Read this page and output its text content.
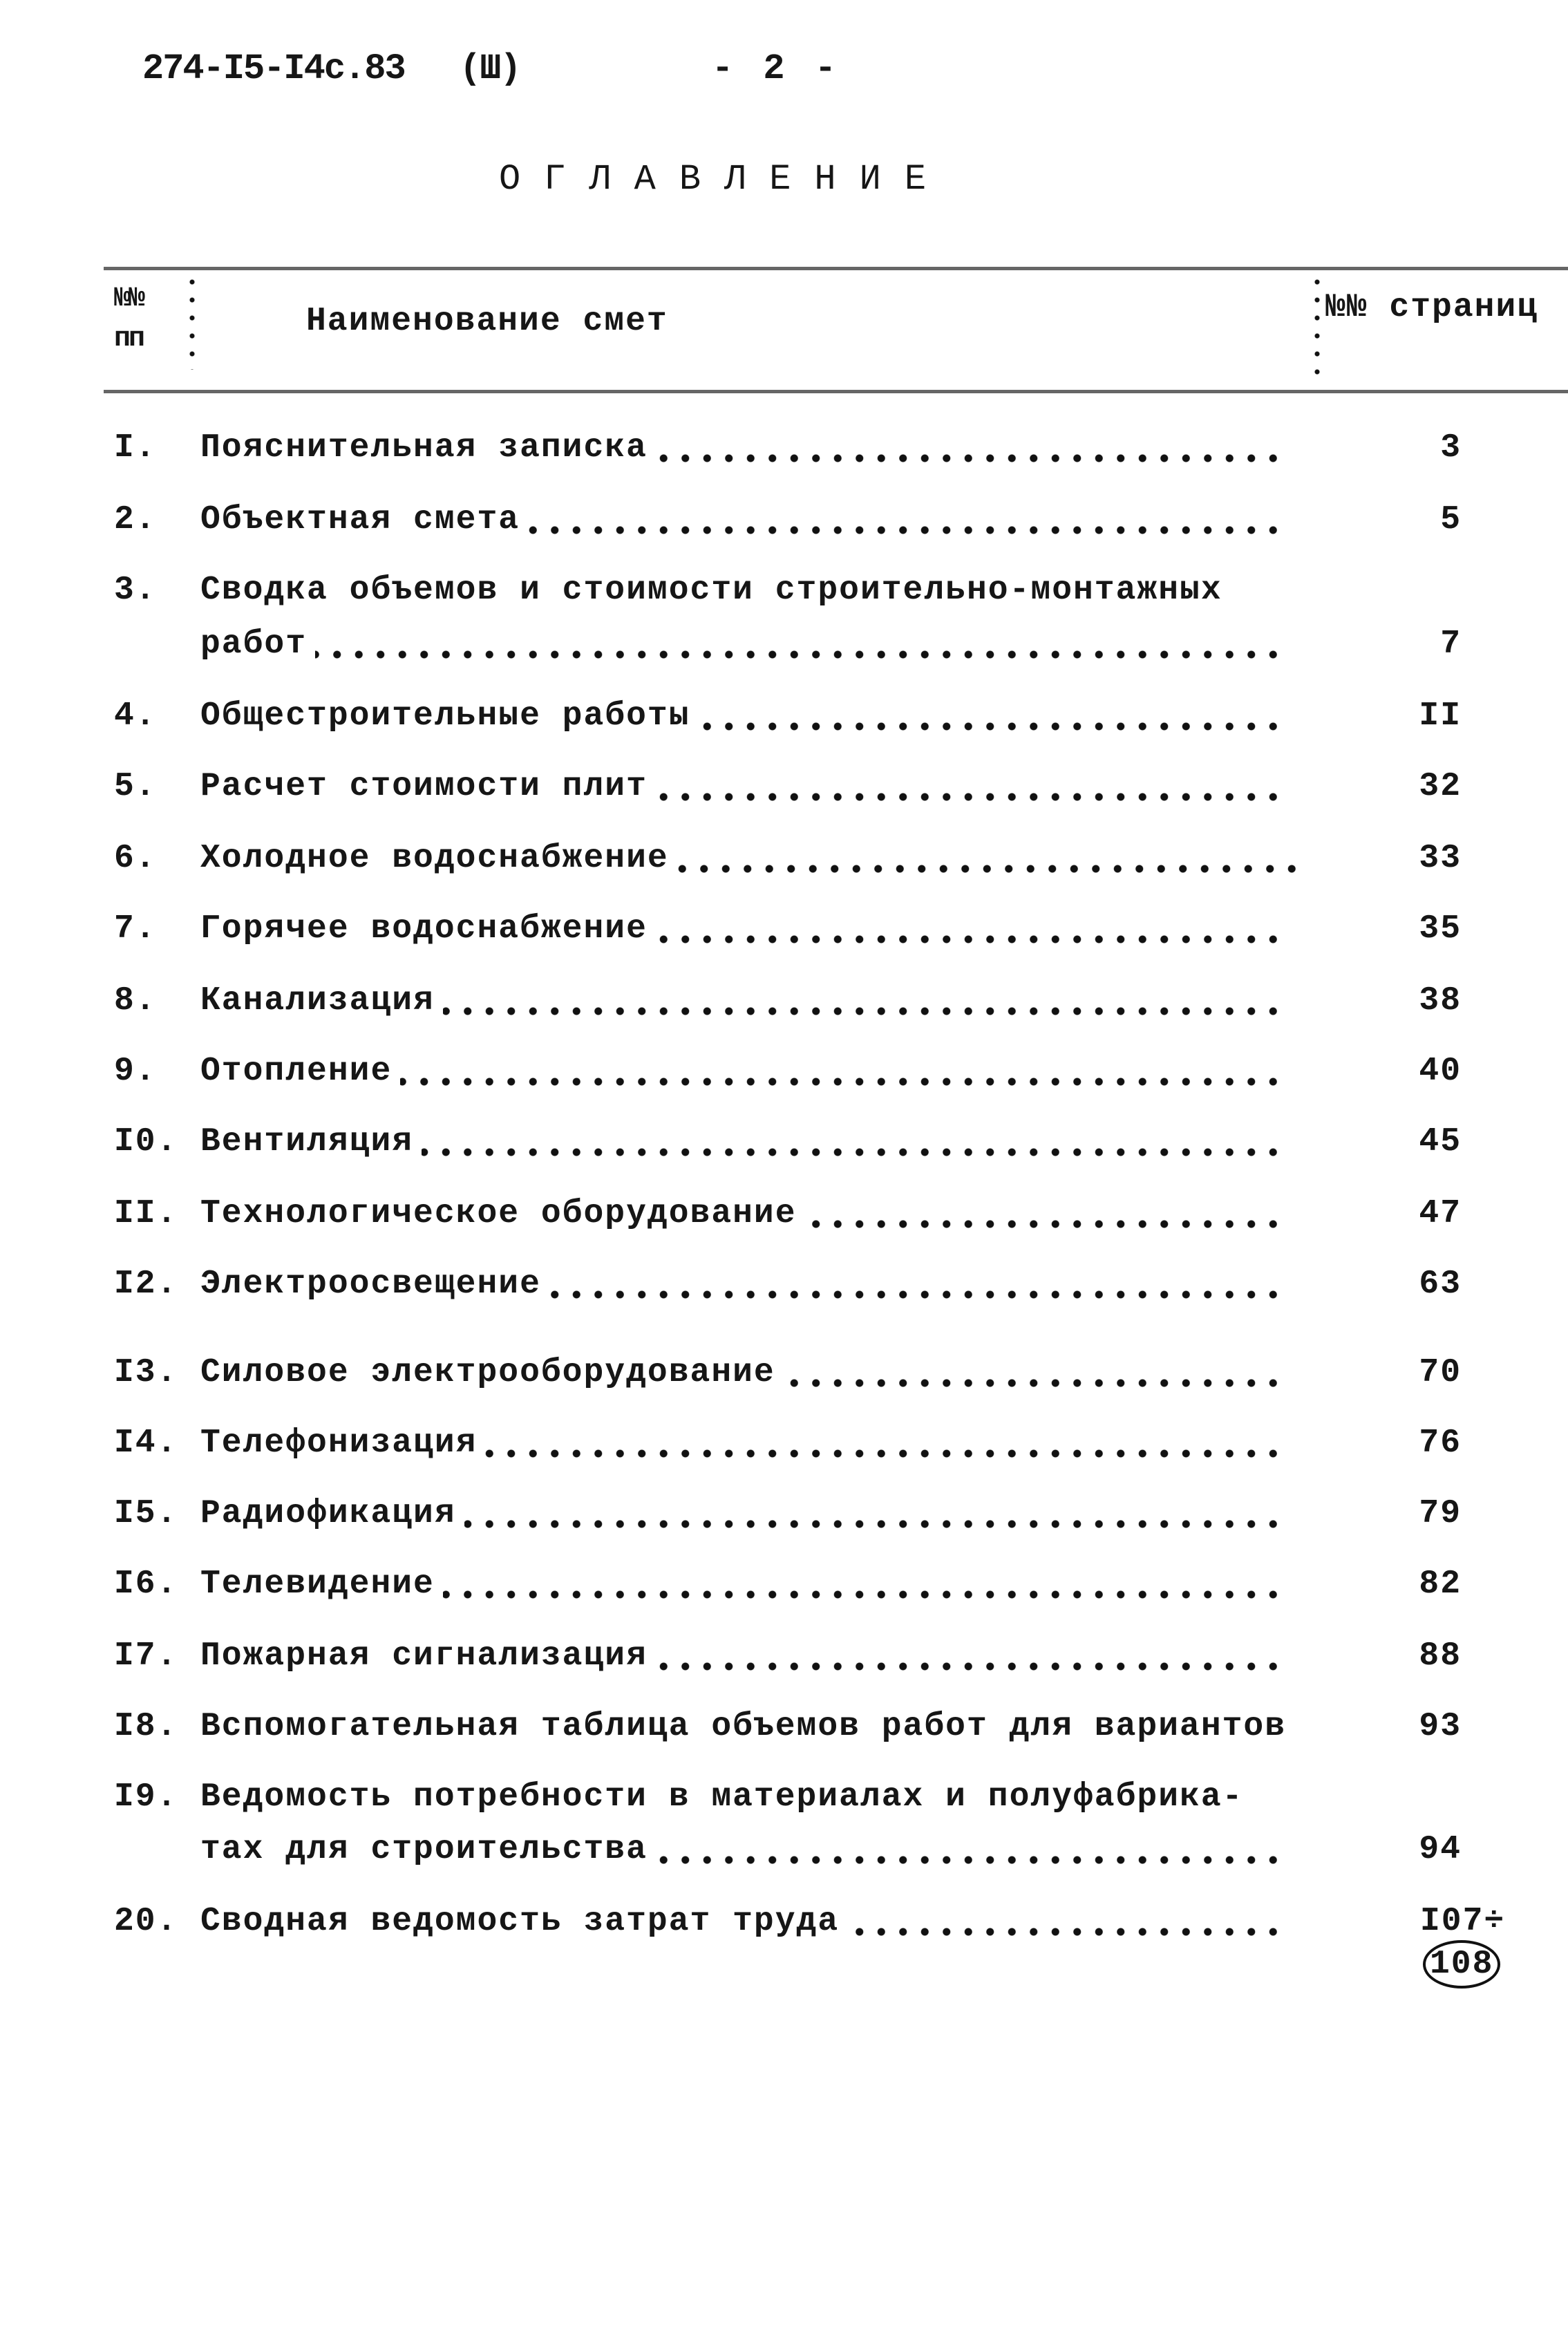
274-I5-I4c.83 (Ш)	- 2 -
ОГЛАВЛЕНИЕ
№№
пп	Наименование смет	№№ страниц
I. Пояснительная записка	3
2. Объектная смета	5
3. Сводка объемов и стоимости строительно-монтажных
работ	7
4. Общестроительные работы	II
5. Расчет стоимости плит	32
6. Холодное водоснабжение	33
7. Горячее водоснабжение	35
8. Канализация	38
9. Отопление	40
I0. Вентиляция	45
II. Технологическое оборудование	47
I2. Электроосвещение	63
I3. Силовое электрооборудование	70
I4. Телефонизация	76
I5. Радиофикация	79
I6. Телевидение	82
I7. Пожарная сигнализация	88
I8. Вспомогательная таблица объемов работ для вариантов	93
I9. Ведомость потребности в материалах и полуфабрика-
тах для строительства	94
20. Сводная ведомость затрат труда	I07÷108
